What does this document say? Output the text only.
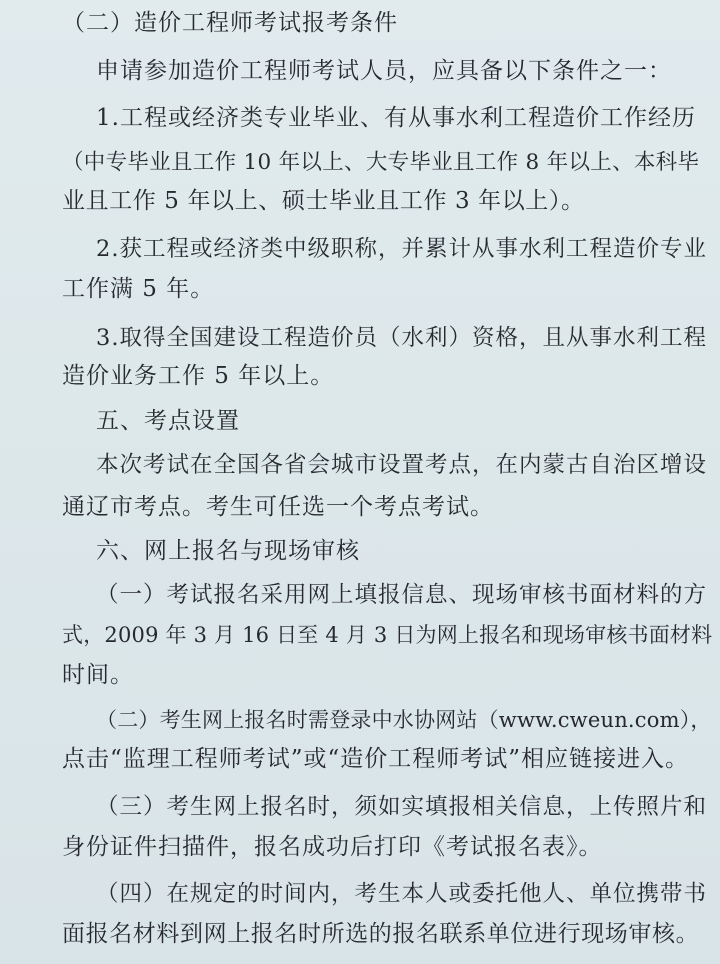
（二）造价工程师考试报考条件
申请参加造价工程师考试人员，应具备以下条件之一：
1.工程或经济类专业毕业、有从事水利工程造价工作经历
（中专毕业且工作 10 年以上、大专毕业且工作 8 年以上、本科毕
业且工作 5 年以上、硕士毕业且工作 3 年以上）。
2.获工程或经济类中级职称，并累计从事水利工程造价专业
工作满 5 年。
3.取得全国建设工程造价员（水利）资格，且从事水利工程
造价业务工作 5 年以上。
五、考点设置
本次考试在全国各省会城市设置考点，在内蒙古自治区增设
通辽市考点。考生可任选一个考点考试。
六、网上报名与现场审核
（一）考试报名采用网上填报信息、现场审核书面材料的方
式，2009 年 3 月 16 日至 4 月 3 日为网上报名和现场审核书面材料
时间。
（二）考生网上报名时需登录中水协网站（www.cweun.com），
点击“监理工程师考试”或“造价工程师考试”相应链接进入。
（三）考生网上报名时，须如实填报相关信息，上传照片和
身份证件扫描件，报名成功后打印《考试报名表》。
（四）在规定的时间内，考生本人或委托他人、单位携带书
面报名材料到网上报名时所选的报名联系单位进行现场审核。
